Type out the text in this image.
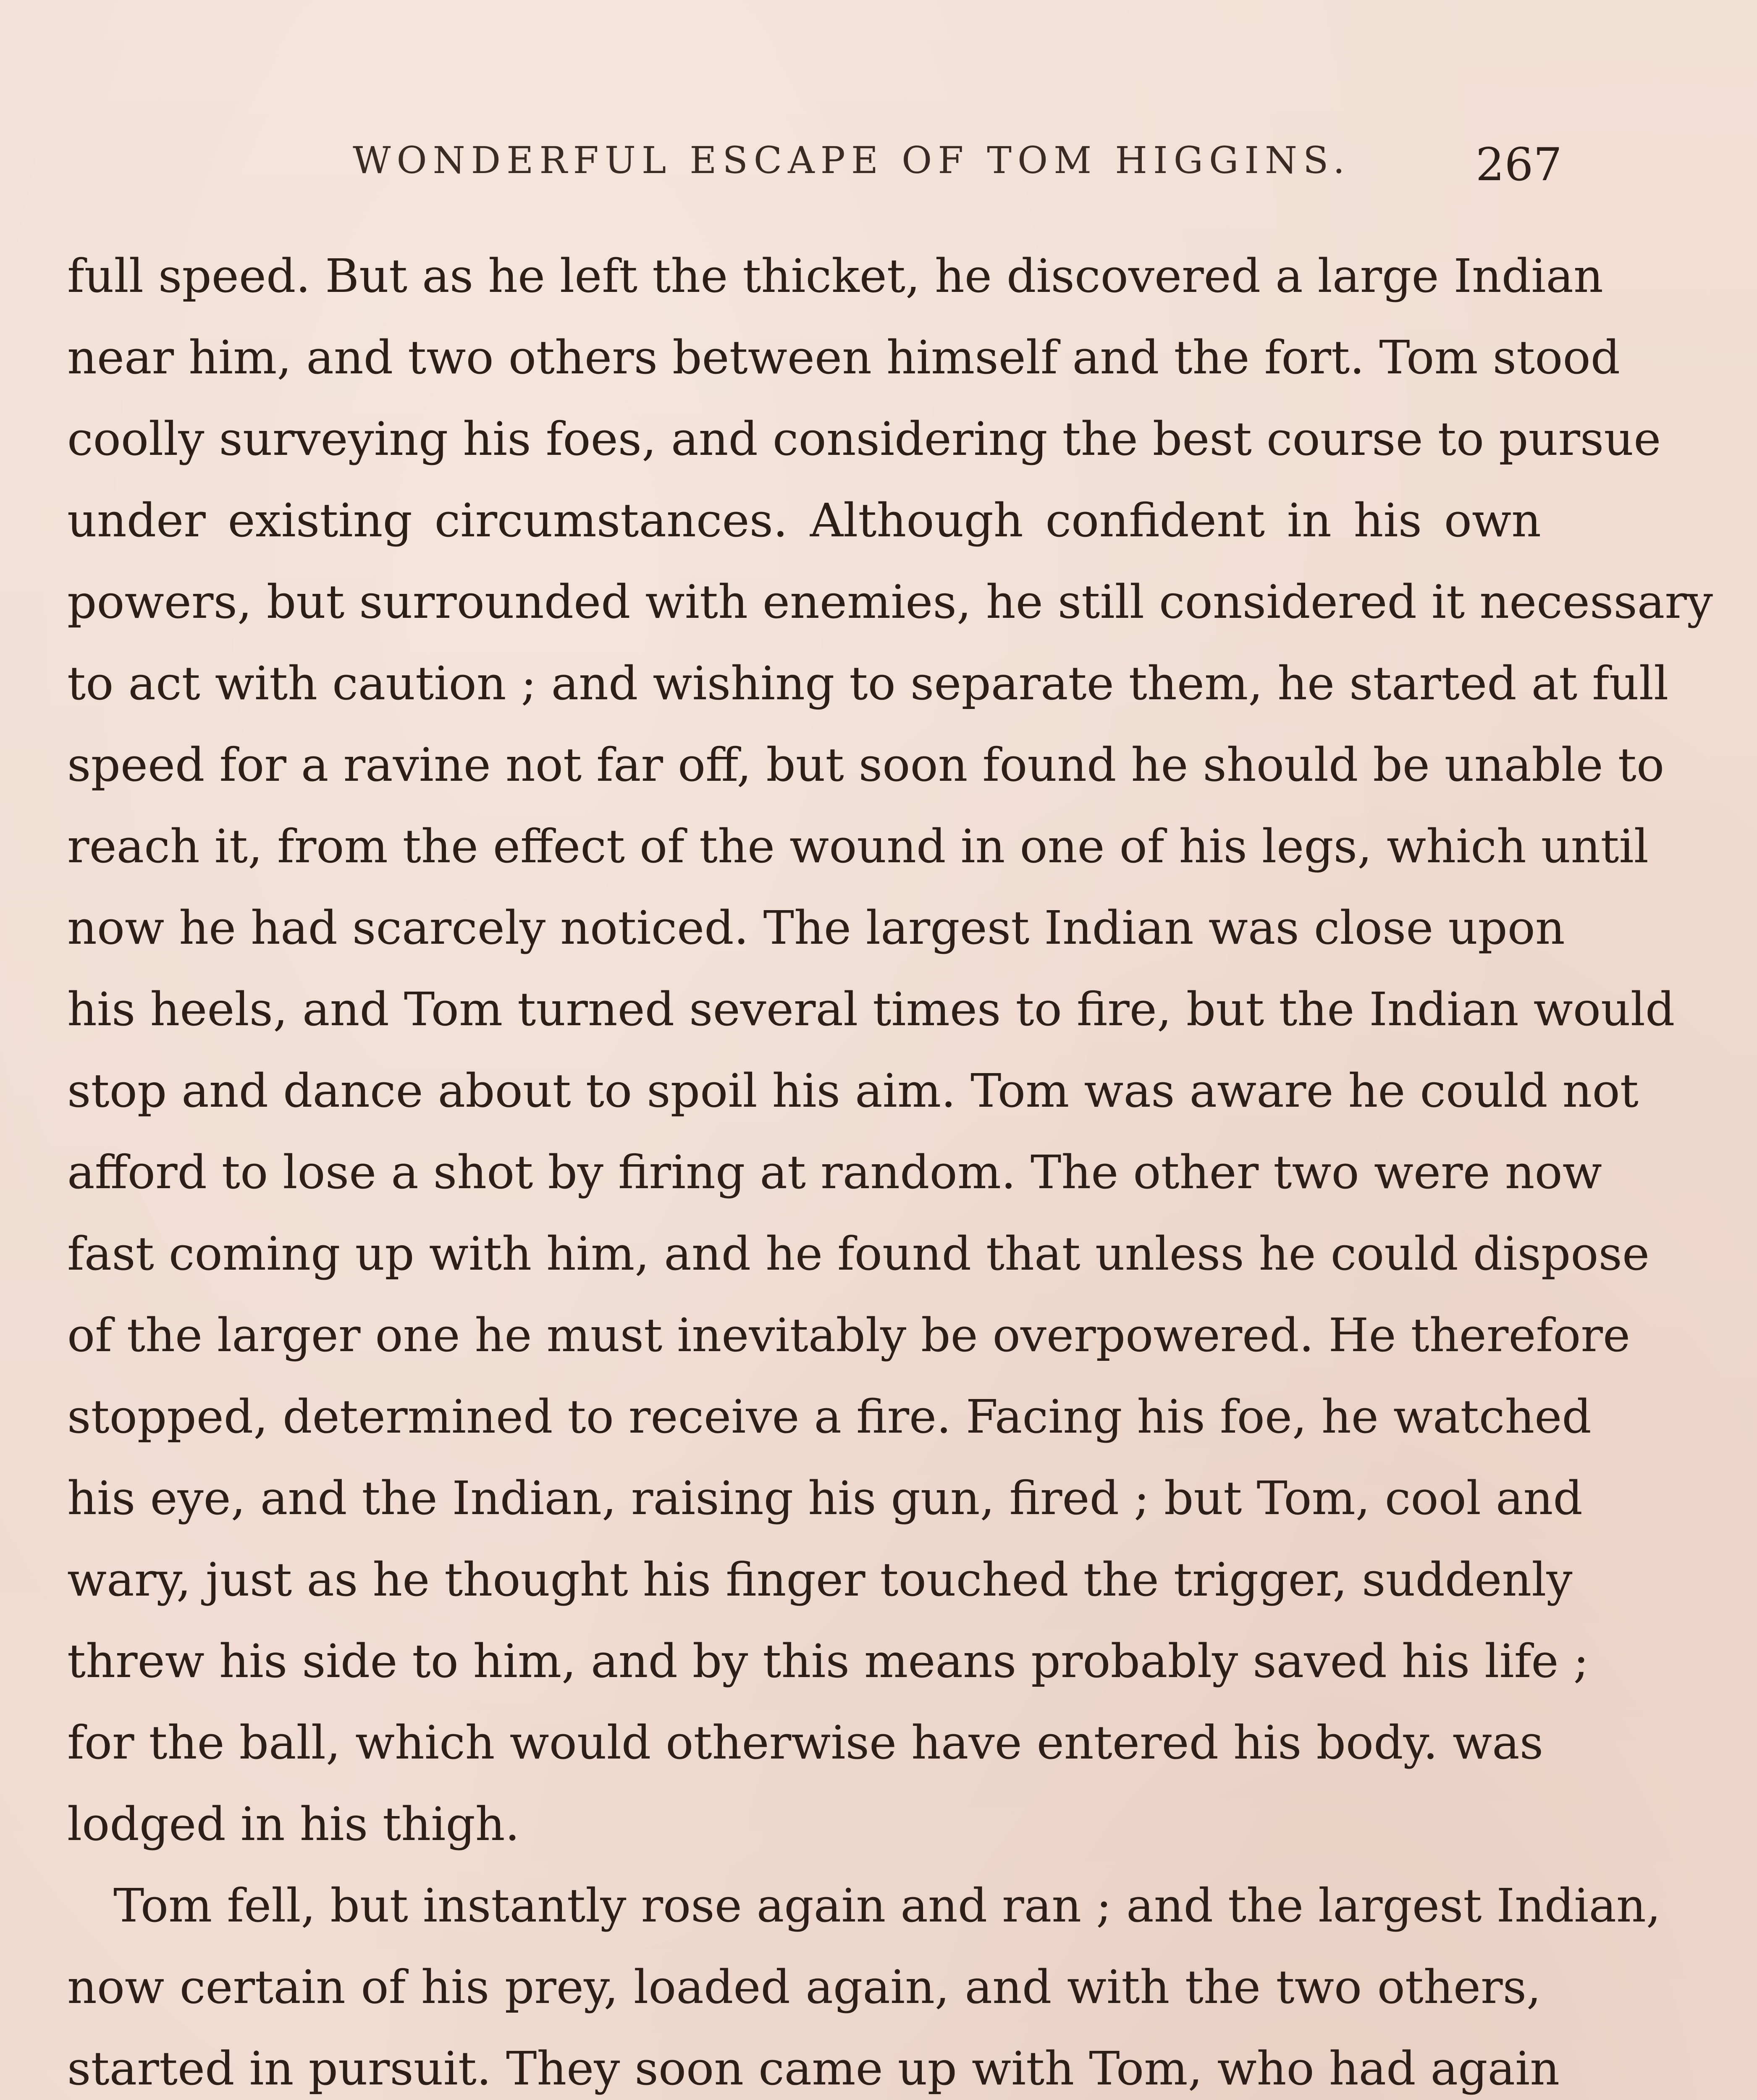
WONDERFUL ESCAPE OF TOM HIGGINS.	267

full speed. But as he left the thicket, he discovered a large Indian
near him, and two others between himself and the fort. Tom stood
coolly surveying his foes, and considering the best course to pursue
under existing circumstances. Although confident in his own
powers, but surrounded with enemies, he still considered it necessary
to act with caution ; and wishing to separate them, he started at full
speed for a ravine not far off, but soon found he should be unable to
reach it, from the effect of the wound in one of his legs, which until
now he had scarcely noticed. The largest Indian was close upon
his heels, and Tom turned several times to fire, but the Indian would
stop and dance about to spoil his aim. Tom was aware he could not
afford to lose a shot by firing at random. The other two were now
fast coming up with him, and he found that unless he could dispose
of the larger one he must inevitably be overpowered. He therefore
stopped, determined to receive a fire. Facing his foe, he watched
his eye, and the Indian, raising his gun, fired ; but Tom, cool and
wary, just as he thought his finger touched the trigger, suddenly
threw his side to him, and by this means probably saved his life ;
for the ball, which would otherwise have entered his body. was
lodged in his thigh.

Tom fell, but instantly rose again and ran ; and the largest Indian,
now certain of his prey, loaded again, and with the two others,
started in pursuit. They soon came up with Tom, who had again
